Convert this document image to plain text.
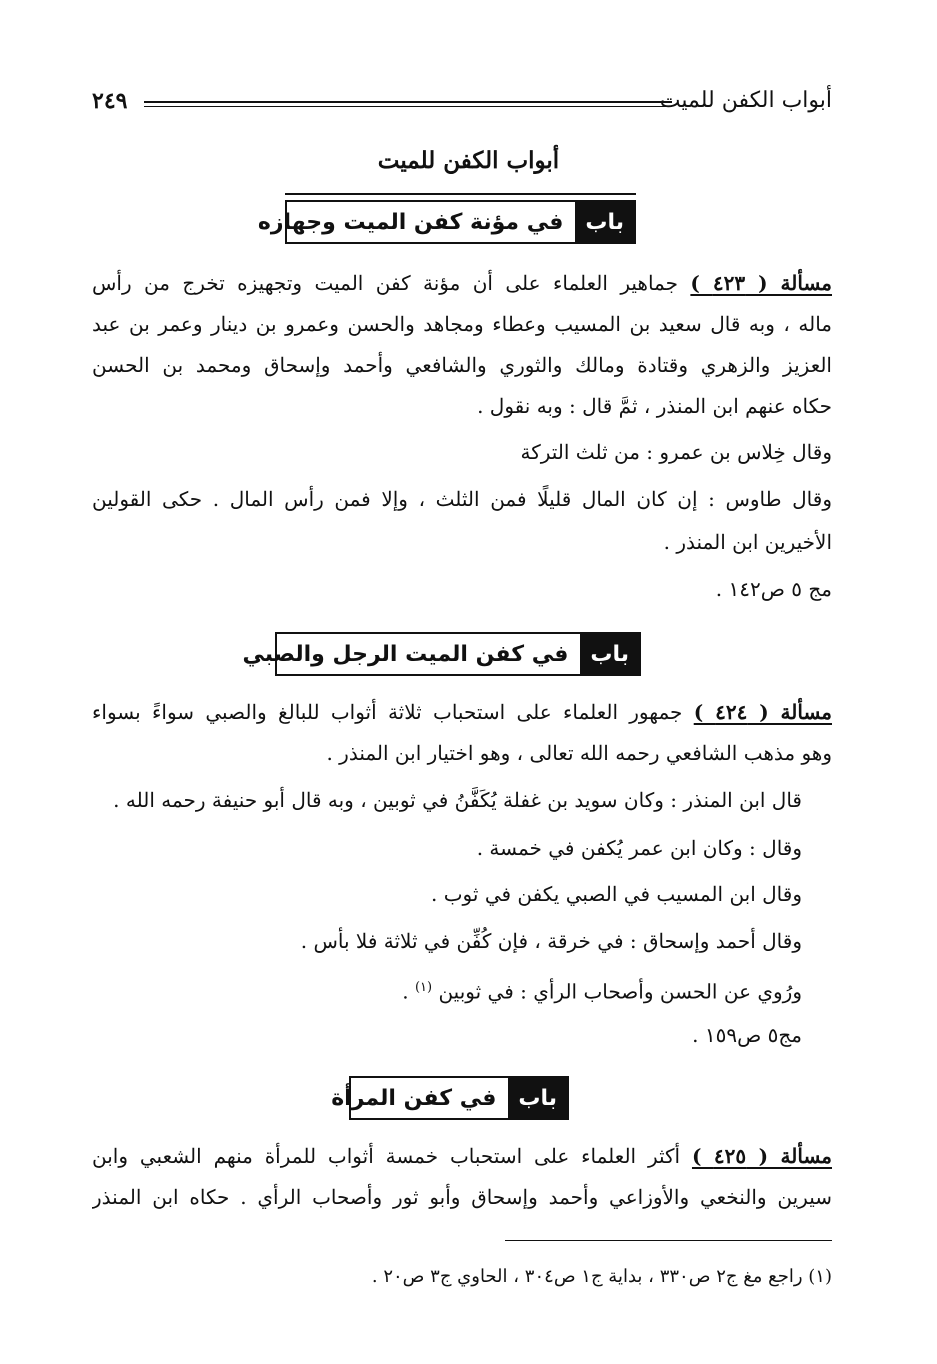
أبواب الكفن للميت
٢٤٩
أبواب الكفن للميت
باب
في مؤنة كفن الميت وجهازه
مسألة ( ٤٢٣ ) جماهير العلماء على أن مؤنة كفن الميت وتجهيزه تخرج من رأس
ماله ، وبه قال سعيد بن المسيب وعطاء ومجاهد والحسن وعمرو بن دينار وعمر بن عبد
العزيز والزهري وقتادة ومالك والثوري والشافعي وأحمد وإسحاق ومحمد بن الحسن
حكاه عنهم ابن المنذر ، ثمَّ قال : وبه نقول .
وقال خِلاس بن عمرو : من ثلث التركة
وقال طاوس : إن كان المال قليلًا فمن الثلث ، وإلا فمن رأس المال . حكى القولين
الأخيرين ابن المنذر .
مج ٥ ص١٤٢ .
باب
في كفن الميت الرجل والصبي
مسألة ( ٤٢٤ ) جمهور العلماء على استحباب ثلاثة أثواب للبالغ والصبي سواءً بسواء
وهو مذهب الشافعي رحمه الله تعالى ، وهو اختيار ابن المنذر .
قال ابن المنذر : وكان سويد بن غفلة يُكَفَّنُ في ثوبين ، وبه قال أبو حنيفة رحمه الله .
وقال : وكان ابن عمر يُكفن في خمسة .
وقال ابن المسيب في الصبي يكفن في ثوب .
وقال أحمد وإسحاق : في خرقة ، فإن كُفِّن في ثلاثة فلا بأس .
ورُوي عن الحسن وأصحاب الرأي : في ثوبين $^{(١)}$ .
مج٥ ص١٥٩ .
باب
في كفن المرأة
مسألة ( ٤٢٥ ) أكثر العلماء على استحباب خمسة أثواب للمرأة منهم الشعبي وابن
سيرين والنخعي والأوزاعي وأحمد وإسحاق وأبو ثور وأصحاب الرأي . حكاه ابن المنذر
(١) راجع مغ ج٢ ص٣٣٠ ، بداية ج١ ص٣٠٤ ، الحاوي ج٣ ص٢٠ .
